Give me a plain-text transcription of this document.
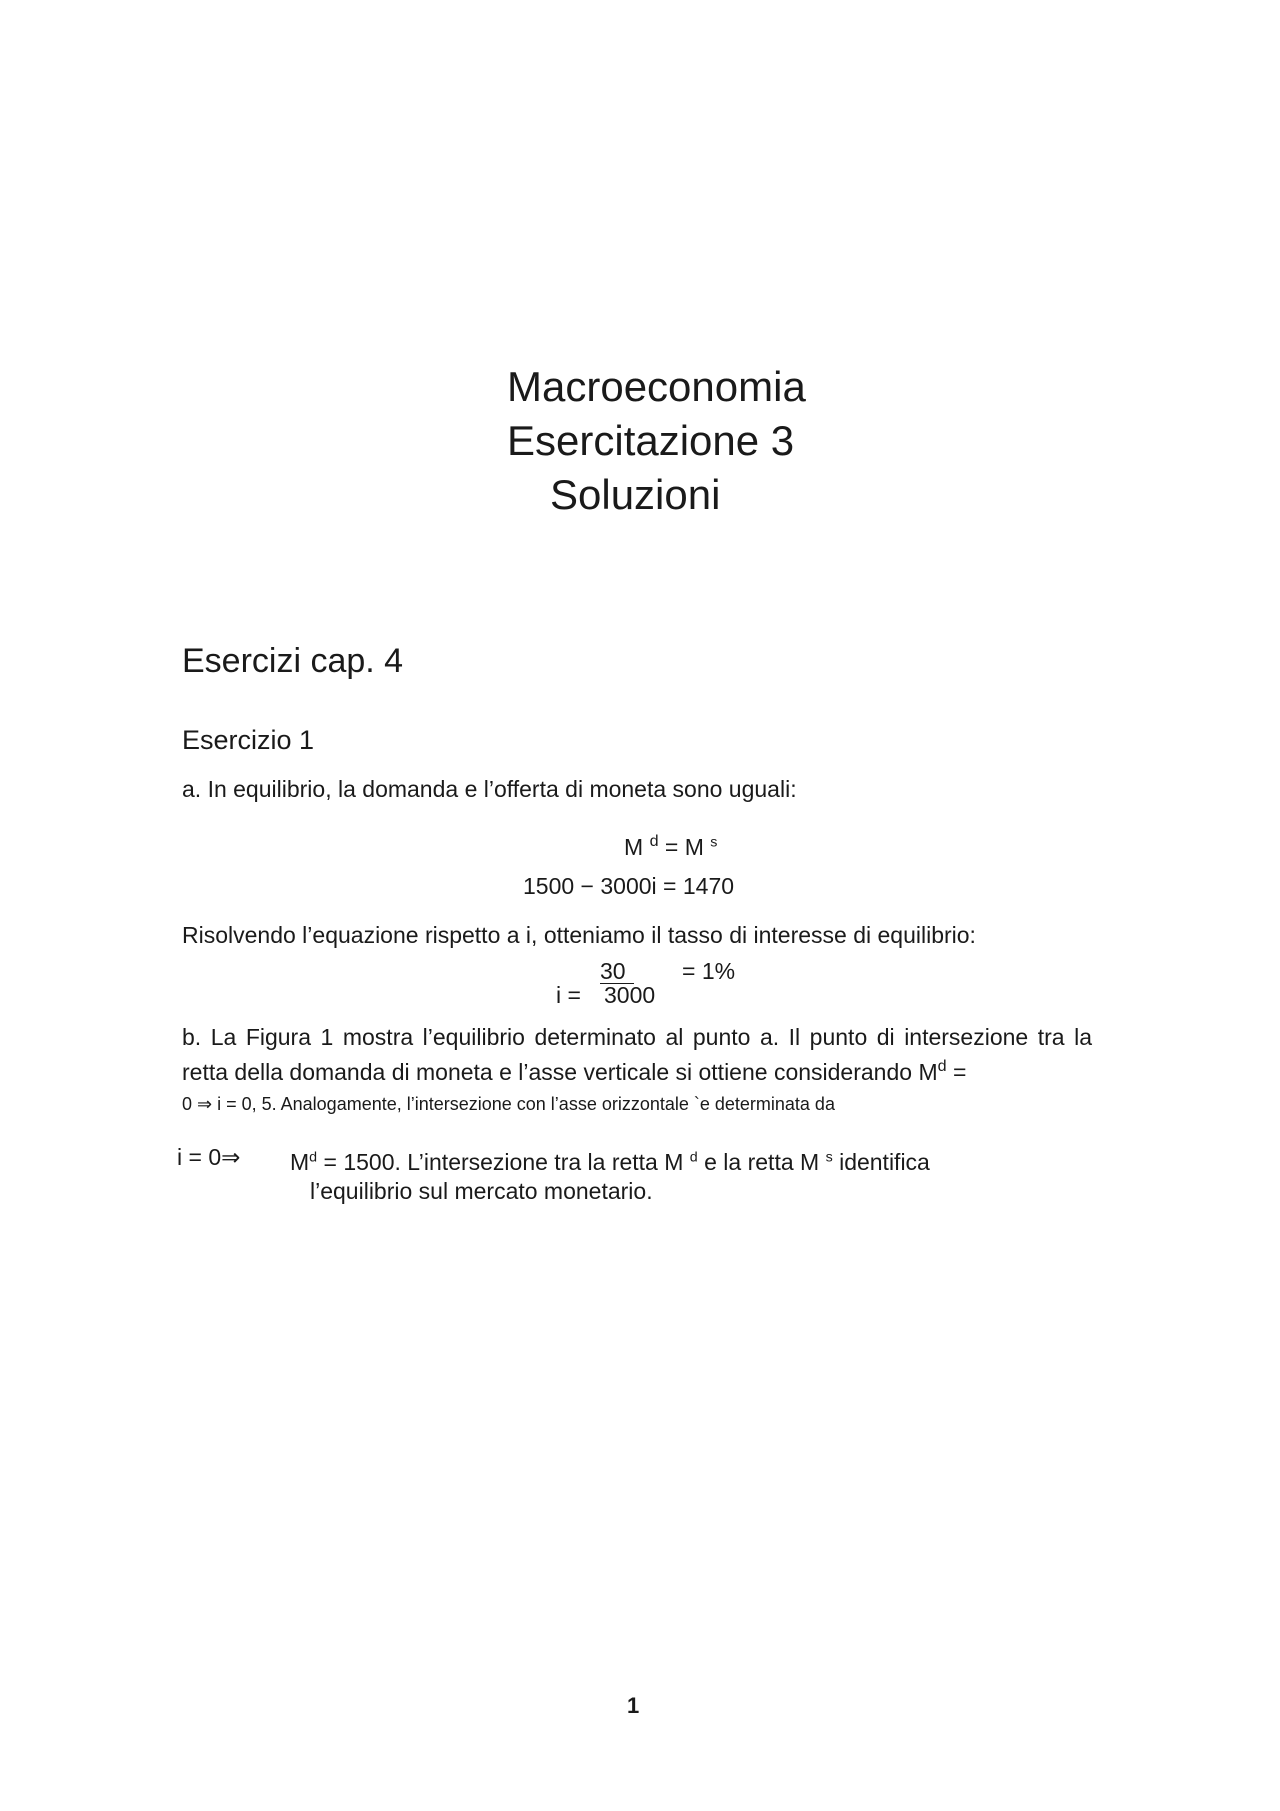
Macroeconomia
Esercitazione 3
Soluzioni
Esercizi cap. 4
Esercizio 1
a. In equilibrio, la domanda e l’offerta di moneta sono uguali:
M $^d$ = M $^s$
1500 − 3000i = 1470
Risolvendo l’equazione rispetto a i, otteniamo il tasso di interesse di equilibrio:
30	= 1%
i = 3000
b. La Figura 1 mostra l’equilibrio determinato al punto a. Il punto di intersezione tra la
retta della domanda di moneta e l’asse verticale si ottiene considerando $M^d$ =
0 ⇒ i = 0, 5. Analogamente, l’intersezione con l’asse orizzontale `e determinata da
i = 0⇒ $M^d = 1500$. L’intersezione tra la retta M $^d$ e la retta M $^s$ identifica
l’equilibrio sul mercato monetario.
1
